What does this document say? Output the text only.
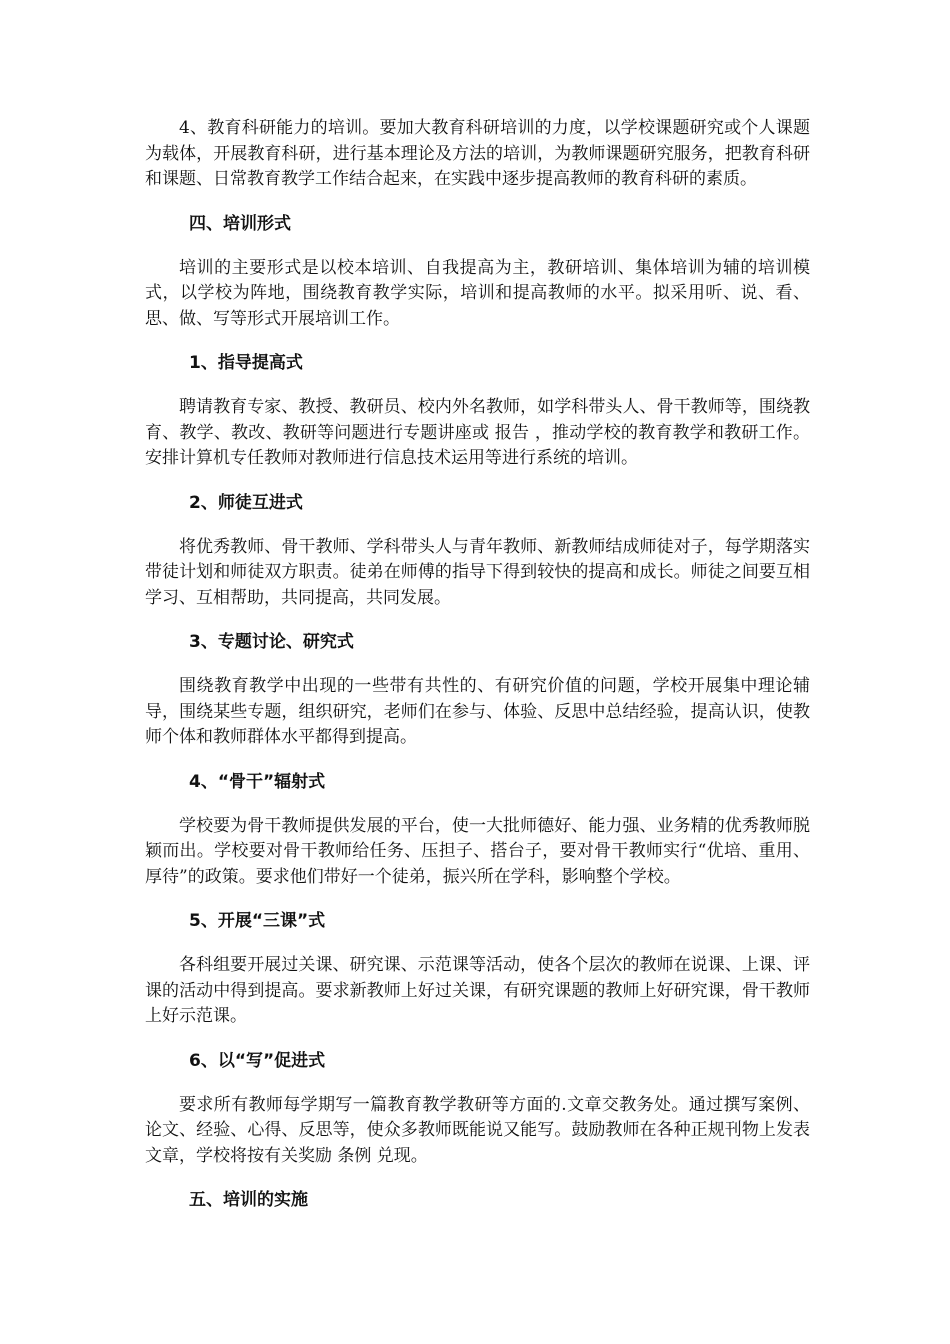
4、教育科研能力的培训。要加大教育科研培训的力度，以学校课题研究或个人课题为载体，开展教育科研，进行基本理论及方法的培训，为教师课题研究服务，把教育科研和课题、日常教育教学工作结合起来，在实践中逐步提高教师的教育科研的素质。

四、培训形式

培训的主要形式是以校本培训、自我提高为主，教研培训、集体培训为辅的培训模式，以学校为阵地，围绕教育教学实际，培训和提高教师的水平。拟采用听、说、看、思、做、写等形式开展培训工作。

1、指导提高式

聘请教育专家、教授、教研员、校内外名教师，如学科带头人、骨干教师等，围绕教育、教学、教改、教研等问题进行专题讲座或 报告 ，推动学校的教育教学和教研工作。安排计算机专任教师对教师进行信息技术运用等进行系统的培训。

2、师徒互进式

将优秀教师、骨干教师、学科带头人与青年教师、新教师结成师徒对子，每学期落实带徒计划和师徒双方职责。徒弟在师傅的指导下得到较快的提高和成长。师徒之间要互相学习、互相帮助，共同提高，共同发展。

3、专题讨论、研究式

围绕教育教学中出现的一些带有共性的、有研究价值的问题，学校开展集中理论辅导，围绕某些专题，组织研究，老师们在参与、体验、反思中总结经验，提高认识，使教师个体和教师群体水平都得到提高。

4、“骨干”辐射式

学校要为骨干教师提供发展的平台，使一大批师德好、能力强、业务精的优秀教师脱颖而出。学校要对骨干教师给任务、压担子、搭台子，要对骨干教师实行“优培、重用、厚待”的政策。要求他们带好一个徒弟，振兴所在学科，影响整个学校。

5、开展“三课”式

各科组要开展过关课、研究课、示范课等活动，使各个层次的教师在说课、上课、评课的活动中得到提高。要求新教师上好过关课，有研究课题的教师上好研究课，骨干教师上好示范课。

6、以“写”促进式

要求所有教师每学期写一篇教育教学教研等方面的.文章交教务处。通过撰写案例、论文、经验、心得、反思等，使众多教师既能说又能写。鼓励教师在各种正规刊物上发表文章，学校将按有关奖励 条例 兑现。

五、培训的实施
